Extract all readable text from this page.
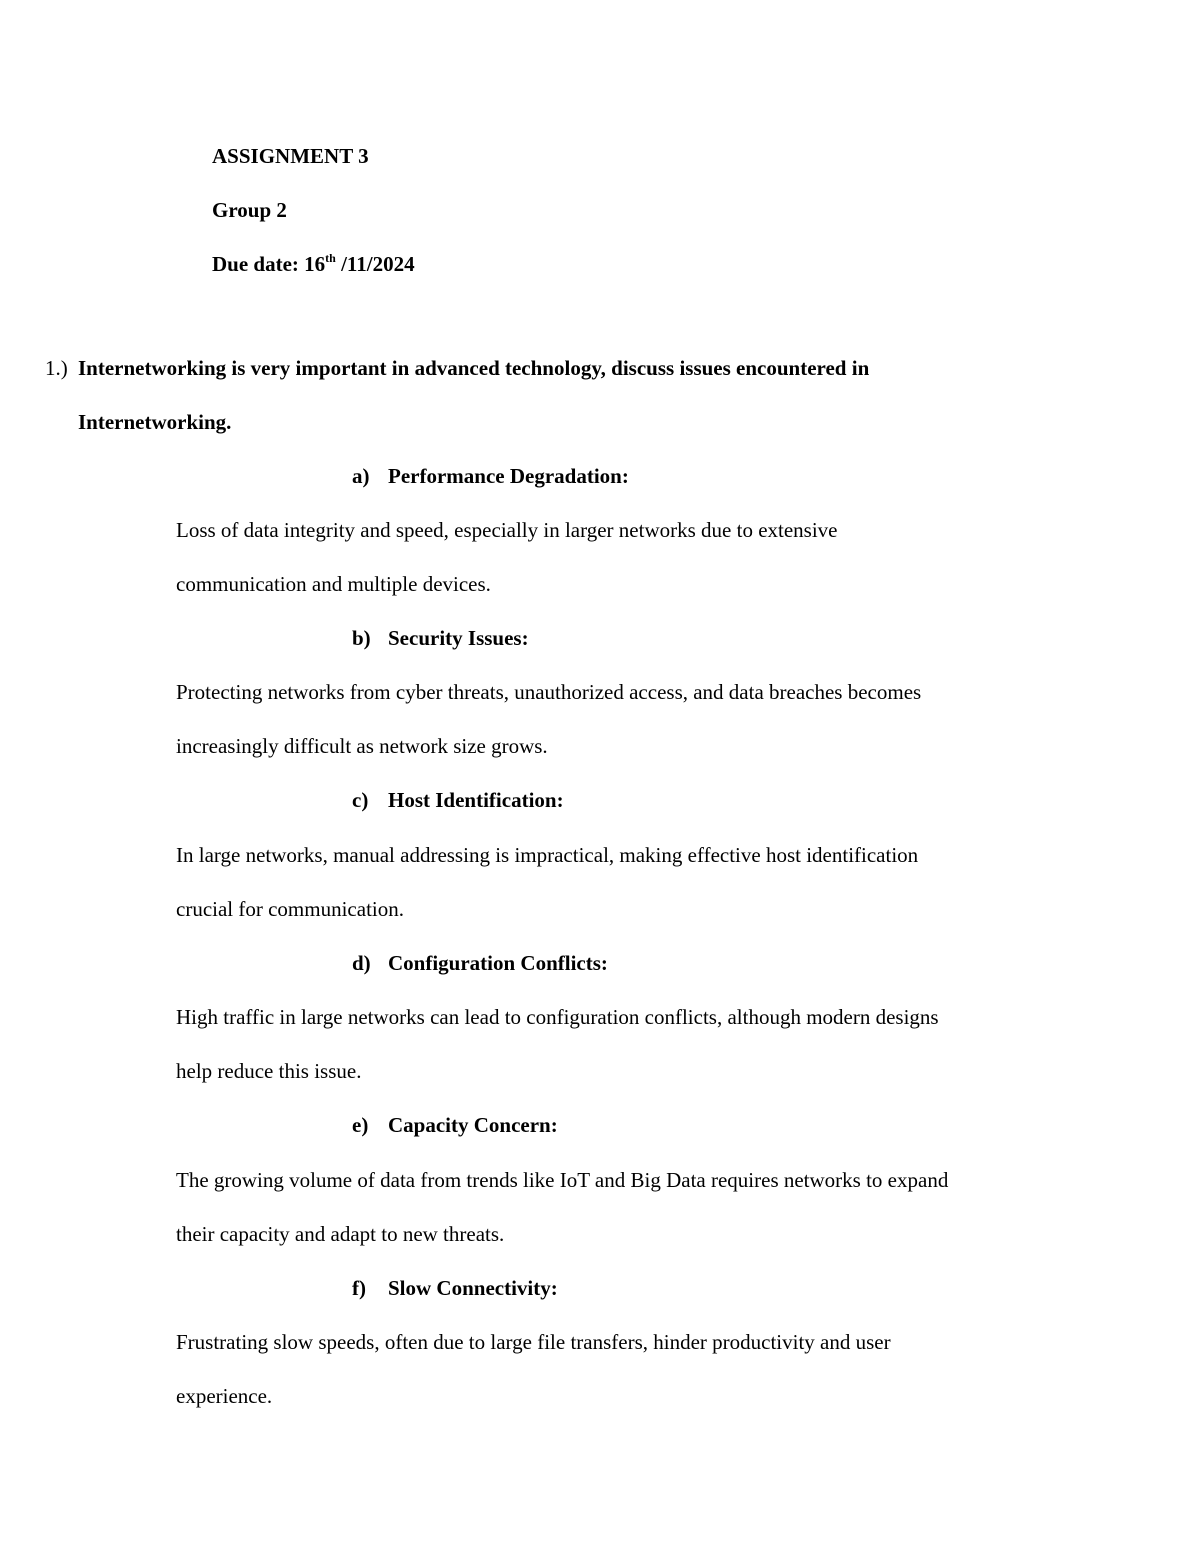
ASSIGNMENT 3
Group 2
Due date: 16th /11/2024
1.) Internetworking is very important in advanced technology, discuss issues encountered in
Internetworking.
a) Performance Degradation:
Loss of data integrity and speed, especially in larger networks due to extensive
communication and multiple devices.
b) Security Issues:
Protecting networks from cyber threats, unauthorized access, and data breaches becomes
increasingly difficult as network size grows.
c) Host Identification:
In large networks, manual addressing is impractical, making effective host identification
crucial for communication.
d) Configuration Conflicts:
High traffic in large networks can lead to configuration conflicts, although modern designs
help reduce this issue.
e) Capacity Concern:
The growing volume of data from trends like IoT and Big Data requires networks to expand
their capacity and adapt to new threats.
f) Slow Connectivity:
Frustrating slow speeds, often due to large file transfers, hinder productivity and user
experience.
